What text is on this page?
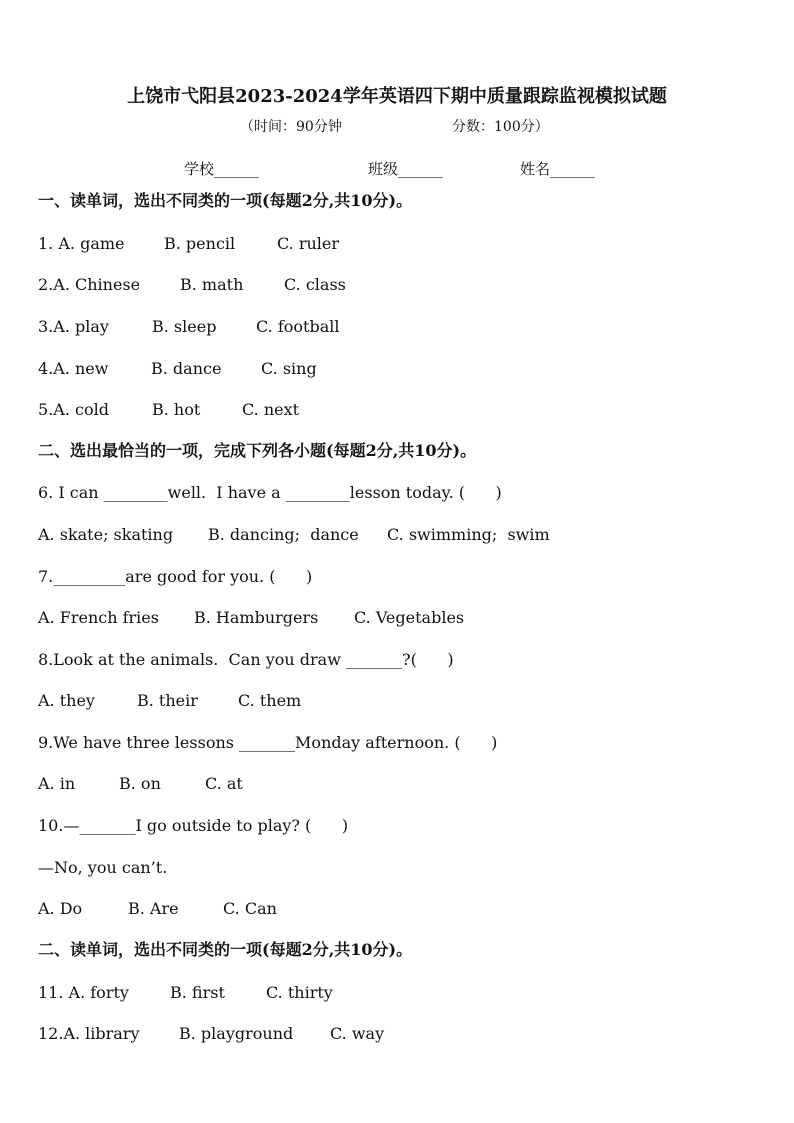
上饶市弋阳县2023-2024学年英语四下期中质量跟踪监视模拟试题
（时间：90分钟	分数：100分）
学校______	班级______	姓名______
一、读单词，选出不同类的一项(每题2分,共10分)。
1. A. game B. pencil	C. ruler
2.A. Chinese B. math	C. class
3.A. play	B. sleep C. football
4.A. new	B. dance C. sing
5.A. cold	B. hot	C. next
二、选出最恰当的一项，完成下列各小题(每题2分,共10分)。
6. I can ________well.  I have a ________lesson today. (      )
A. skate; skating B. dancing;  dance C. swimming;  swim
7._________are good for you. (      )
A. French fries B. Hamburgers C. Vegetables
8.Look at the animals.  Can you draw _______?(      )
A. they	B. their	C. them
9.We have three lessons _______Monday afternoon. (      )
A. in	B. on	C. at
10.—_______I go outside to play? (      )
—No, you can’t.
A. Do	B. Are	C. Can
二、读单词，选出不同类的一项(每题2分,共10分)。
11. A. forty	B. first	C. thirty
12.A. library B. playground C. way
